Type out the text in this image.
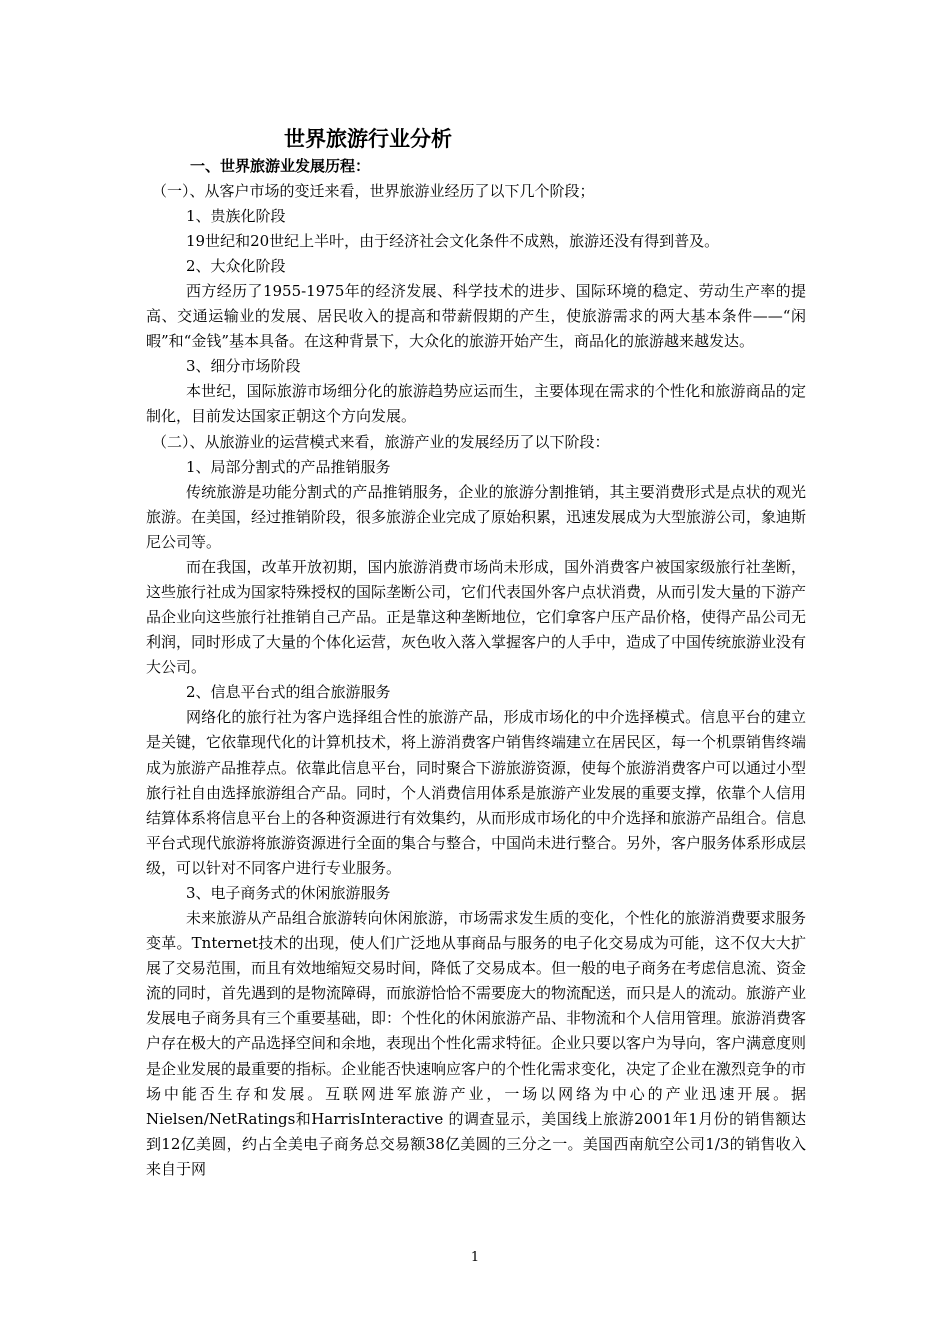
世界旅游行业分析
一、世界旅游业发展历程：
（一）、从客户市场的变迁来看，世界旅游业经历了以下几个阶段；
1、贵族化阶段

19世纪和20世纪上半叶，由于经济社会文化条件不成熟，旅游还没有得到普及。

2、大众化阶段

西方经历了1955-1975年的经济发展、科学技术的进步、国际环境的稳定、劳动生产率的提高、交通运输业的发展、居民收入的提高和带薪假期的产生，使旅游需求的两大基本条件——“闲暇”和“金钱”基本具备。在这种背景下，大众化的旅游开始产生，商品化的旅游越来越发达。

3、细分市场阶段

本世纪，国际旅游市场细分化的旅游趋势应运而生，主要体现在需求的个性化和旅游商品的定制化，目前发达国家正朝这个方向发展。

（二）、从旅游业的运营模式来看，旅游产业的发展经历了以下阶段：
1、局部分割式的产品推销服务

传统旅游是功能分割式的产品推销服务，企业的旅游分割推销，其主要消费形式是点状的观光旅游。在美国，经过推销阶段，很多旅游企业完成了原始积累，迅速发展成为大型旅游公司，象迪斯尼公司等。

而在我国，改革开放初期，国内旅游消费市场尚未形成，国外消费客户被国家级旅行社垄断，这些旅行社成为国家特殊授权的国际垄断公司，它们代表国外客户点状消费，从而引发大量的下游产品企业向这些旅行社推销自己产品。正是靠这种垄断地位，它们拿客户压产品价格，使得产品公司无利润，同时形成了大量的个体化运营，灰色收入落入掌握客户的人手中，造成了中国传统旅游业没有大公司。

2、信息平台式的组合旅游服务

网络化的旅行社为客户选择组合性的旅游产品，形成市场化的中介选择模式。信息平台的建立是关键，它依靠现代化的计算机技术，将上游消费客户销售终端建立在居民区，每一个机票销售终端成为旅游产品推荐点。依靠此信息平台，同时聚合下游旅游资源，使每个旅游消费客户可以通过小型旅行社自由选择旅游组合产品。同时，个人消费信用体系是旅游产业发展的重要支撑，依靠个人信用结算体系将信息平台上的各种资源进行有效集约，从而形成市场化的中介选择和旅游产品组合。信息平台式现代旅游将旅游资源进行全面的集合与整合，中国尚未进行整合。另外，客户服务体系形成层级，可以针对不同客户进行专业服务。

3、电子商务式的休闲旅游服务

未来旅游从产品组合旅游转向休闲旅游，市场需求发生质的变化，个性化的旅游消费要求服务变革。Tnternet技术的出现，使人们广泛地从事商品与服务的电子化交易成为可能，这不仅大大扩展了交易范围，而且有效地缩短交易时间，降低了交易成本。但一般的电子商务在考虑信息流、资金流的同时，首先遇到的是物流障碍，而旅游恰恰不需要庞大的物流配送，而只是人的流动。旅游产业发展电子商务具有三个重要基础，即：个性化的休闲旅游产品、非物流和个人信用管理。旅游消费客户存在极大的产品选择空间和余地，表现出个性化需求特征。企业只要以客户为导向，客户满意度则是企业发展的最重要的指标。企业能否快速响应客户的个性化需求变化，决定了企业在激烈竞争的市场中能否生存和发展。互联网进军旅游产业，一场以网络为中心的产业迅速开展。据Nielsen/NetRatings和HarrisInteractive 的调查显示，美国线上旅游2001年1月份的销售额达到12亿美圆，约占全美电子商务总交易额38亿美圆的三分之一。美国西南航空公司1/3的销售收入来自于网

1
